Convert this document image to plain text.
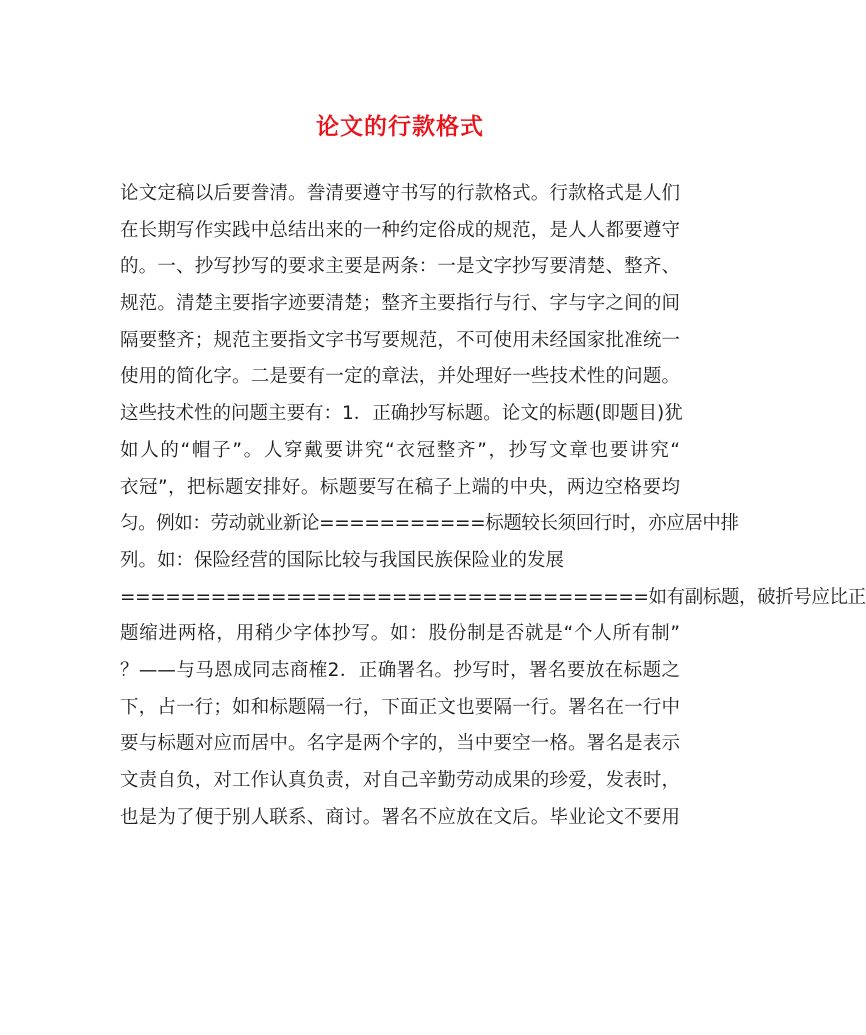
论文的行款格式
论文定稿以后要誊清。誊清要遵守书写的行款格式。行款格式是人们
在长期写作实践中总结出来的一种约定俗成的规范，是人人都要遵守
的。一、抄写抄写的要求主要是两条：一是文字抄写要清楚、整齐、
规范。清楚主要指字迹要清楚；整齐主要指行与行、字与字之间的间
隔要整齐；规范主要指文字书写要规范，不可使用未经国家批准统一
使用的简化字。二是要有一定的章法，并处理好一些技术性的问题。
这些技术性的问题主要有：1．正确抄写标题。论文的标题(即题目)犹
如人的“帽子”。人穿戴要讲究“衣冠整齐”，抄写文章也要讲究“
衣冠”，把标题安排好。标题要写在稿子上端的中央，两边空格要均
匀。例如：劳动就业新论===========标题较长须回行时，亦应居中排
列。如：保险经营的国际比较与我国民族保险业的发展
===================================如有副标题，破折号应比正
题缩进两格，用稍少字体抄写。如：股份制是否就是“个人所有制”
？——与马恩成同志商榷2．正确署名。抄写时，署名要放在标题之
下，占一行；如和标题隔一行，下面正文也要隔一行。署名在一行中
要与标题对应而居中。名字是两个字的，当中要空一格。署名是表示
文责自负，对工作认真负责，对自己辛勤劳动成果的珍爱，发表时，
也是为了便于别人联系、商讨。署名不应放在文后。毕业论文不要用
